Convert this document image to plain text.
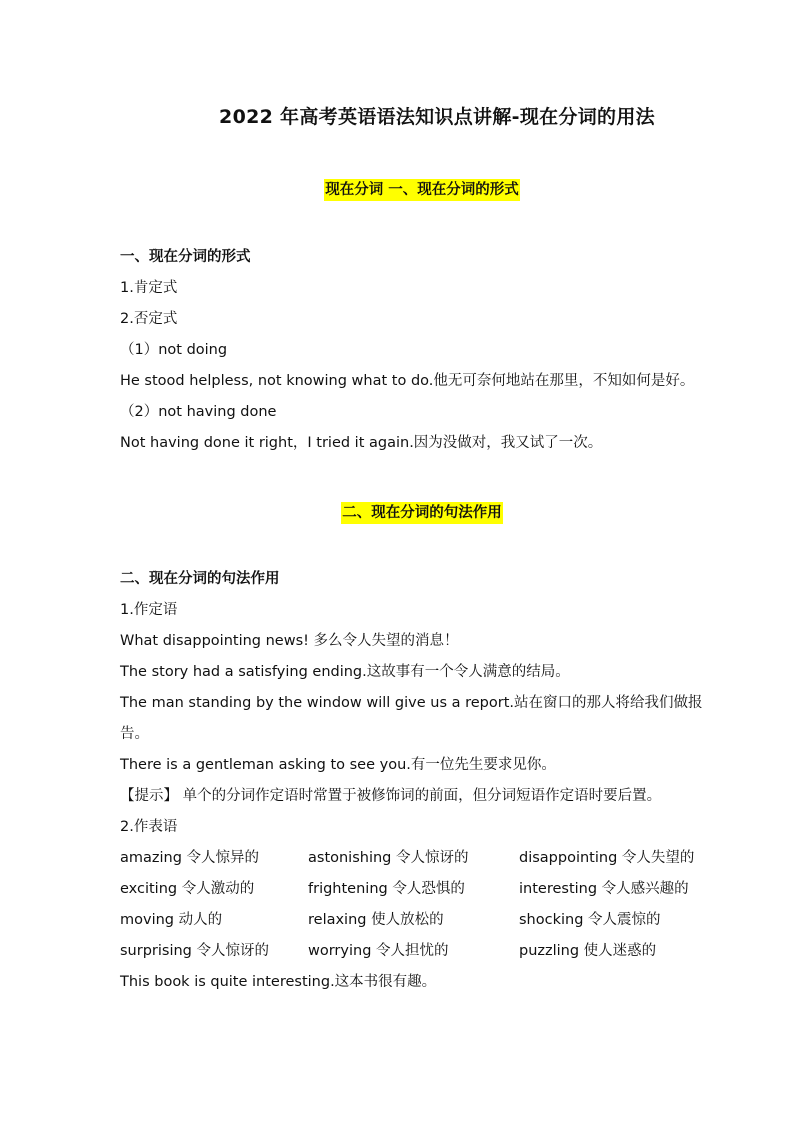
2022 年高考英语语法知识点讲解-现在分词的用法
现在分词 一、现在分词的形式
一、现在分词的形式
1.肯定式
2.否定式
（1）not doing
He stood helpless, not knowing what to do.他无可奈何地站在那里，不知如何是好。
（2）not having done
Not having done it right，I tried it again.因为没做对，我又试了一次。
二、现在分词的句法作用
二、现在分词的句法作用
1.作定语
What disappointing news! 多么令人失望的消息！
The story had a satisfying ending.这故事有一个令人满意的结局。
The man standing by the window will give us a report.站在窗口的那人将给我们做报告。
There is a gentleman asking to see you.有一位先生要求见你。
【提示】 单个的分词作定语时常置于被修饰词的前面，但分词短语作定语时要后置。
2.作表语
amazing 令人惊异的	astonishing 令人惊讶的	disappointing 令人失望的
exciting 令人激动的	frightening 令人恐惧的	interesting 令人感兴趣的
moving 动人的	relaxing 使人放松的	shocking 令人震惊的
surprising 令人惊讶的	worrying 令人担忧的	puzzling 使人迷惑的
This book is quite interesting.这本书很有趣。
